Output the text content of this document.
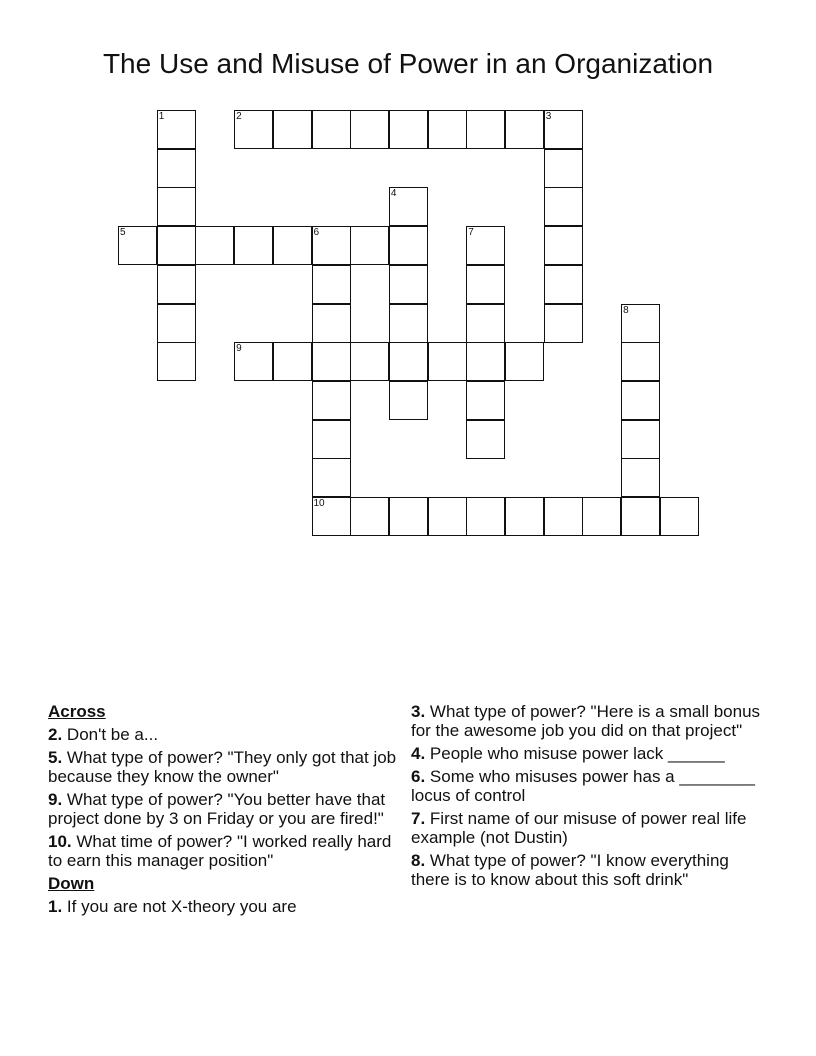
The Use and Misuse of Power in an Organization
1	2	3
4
5	6	7
8
9
10
Across
2. Don't be a...
5. What type of power? "They only got that job because they know the owner"
9. What type of power? "You better have that project done by 3 on Friday or you are fired!"
10. What time of power? "I worked really hard to earn this manager position"
Down
1. If you are not X-theory you are
3. What type of power? "Here is a small bonus for the awesome job you did on that project"
4. People who misuse power lack ______
6. Some who misuses power has a ________ locus of control
7. First name of our misuse of power real life example (not Dustin)
8. What type of power? "I know everything there is to know about this soft drink"
